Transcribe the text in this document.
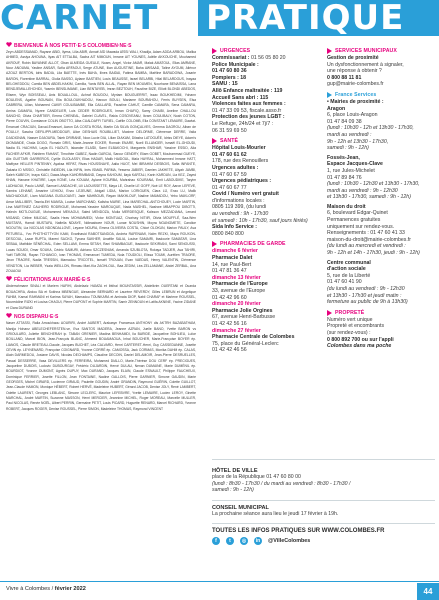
CARNET	PRATIQUE
BIENVENUE À NOS PETIT·E·S COLOMBIEN·NE·S

Zeyn ABDESSAMAD, Rayane ABID, Ilyess, Lilia ABIR, Annaë AÏD Mawada AÏSSI WALI, Khadija, Adam ADDA ARBOU, Malika AHMED, Assiya AHOUNA, Ilyas AIT ETTALBA, Sacha AIT MIMOUN, Imrane AIT YOUNES, Adélie AKKOUCHE, Mouhamed AKROUF, Robin BAYANNE ALLOT, Oban ALMEIDA GUEULE, Noam, Angel, Victor AMAR, Malak AMATOUL, Elias AMRANE, Nour ANOUMA, Yasline ANSAR, Sofia ARFAOUI, Serge ATUNE, Ilian AUGUSTINE, Baha AWSAAD, Taline AYOUM, Aliénor AZOUZ BERTON, Idris BADIA, Lila BAETTE, Inès BAHA, Ilines BAIDAI, Fatima BAMBA, Maëline BARADOWA, Josarie BARON, Florentine BARRAL, Giulia BASSO, Aylane BASTIEN, Louis BEAUSSE, Israel BELARBI, Hilal BELARDOUS, Inayaa BELGHEDDOU, Camila BEN ABDELHAKIM, Camilia, Yanis BEN ALLAL, Rayan BEN MOUMEN, Nourhane BENAÏSSA, Lana BENDJEMIA-LEHCHIDI, Yasmin BENSLIMANE, Lian BENTAYEB, Imran BEZTOUH, Faustine BIZE, Elliott BLONDI ABEDOS, Ellsem, Wyn BOISSEAU, Anis BOUALLOUL, Achraf BOUDOU, Myriam BOUGUERRIT, Issac BOUKHEDIMI, Yohann BOULENS, Agathe BOUNAN, Elia BOULOUKHADOU, Haroun BOULI, Mariame BOURAHOU, Ferris BUYSEN, Elsa CABRERA, Lilian, Mohamed CAKIR COULIBAMBE, Ella CAILLARD, Faustine CAHUT, Camille CAMARA, Sena CAMARA, Amina CAMARA, Nyzee CANDELIER, Luis CEDER RODRIGUES, Imran CHAFIQ, Samy CHAIBI, Aneline CHALLOU SANCHO, Olivia CHARTIER, Emma CHENEAL, Gabriel CLAVEL, Rakia COSOVEANU, Ikram COULIBALY, Noah COTON, Pierre COUVIN, Constance COLIN OBOTTO, Alba CUALDAFFI TURIEL, Caëlle COLOMB, Ella CONSTANT LEMAIRE, Dawlat-Emanuel CRACIUN, Davud-Emanuel, Aaron DA COSTA ROSA, Martin DA SILVA GONÇALVES, Gemma DAGROU, Alban de POULLY, Sascha DEFILIPPI-MEDDOUR, Alice DESHAIS ROUBILLIET, Maxime DELORME, Clémence DERRE, Valia DJADIGNAN, Nasser DJAOURA, Taieb DRIRANE, Noor-Lucie DIA, Lilian DIAKAM, Dilasha LATOGUÉE, Idriss DIEYE, Adam's DIOMANDE, Chaïa DOGO, Romain DRIS, Marie-Jeanne ECKER, Romain ENARE, Noell ELLANGER, Ismaël EL-GHOUDI, Nadia EL HACHIMI, Layla EL HAOUTI, Iskander ELAÏDI, Sami ELBAKOCHI, Margarets ENSHAR, Yassine ESSID, Alia FACHER AFKIR, Rahitem FAHANT, Timothée GABEZ, Nadin GARCIA, Sarour GENDRY, Eliam GOBET, Mouhammad GUEYE, Alix GUITTARI GARREROS, Cyrille GUOLASSY, Elias HADAR, Malik HAIDOUL, Maïa HAYRAL, Mohammed Imrane HATT, Maëlyse HELLER PINTENNY, Ayaksa HEPAT, Rivas HOUSSNAYE, Aalia HUOT, Mel IBRAHIM DESBOIS, Safia INFANTE, Zakaria ID MSSIO, Christelle INDEDIN, Lila INFIN, Inès ISMAÏL PARMA, Yessera JABIER, Damien JAKHETE, Aliyah JAMBI, Saleh KABECH, Inaya KACI, Dawa-Maya KAHDRIMBAND, Dayna KAHOUM, Ilayà KARTALI, Karin KARDUN, Lia KEZ, Zayed KHAN, Hanane KHATIRE, Laya KONE, Léa KOUAM, Aylane KOURBA, Mahrahao KOURANA, Emit LABOUDIKE, Taryim LADHAOUI, Paulo LAINÉ, Samuel LANDACHE, Lili LAOUISSETTE, Maya LE, Charlie LE GOFF, Noé LE ROY, Aaron LEFEVE, Samira LEHANÉ, Amarine LEHIOU, Enzo LEJEUNE, Abigail LIDIA, Marlon LORIGUEN, Clara LÜ, Enzo LU, Malik MACHADOUE, Liam MAGANA GUGLIOANTI, Jade MAHBOUB, Rayan MAKHLOUF, Nadine MAMADOU, Yebo MAKLORF, Amar MALLIBER, Tasnia-Eël MANSA, Louise MARCHAND, Kalisha MARIE, Lina MARECHAL-ANTCHOUEY, Lucie MARTIN, Lina MARTINEZ CALHERD RODRIGUE, Mohamed-Yassine MAROUQUE, Nada MASHEL, Nashwe MBAPPOU DIBOTTI, Haledn MOTLOUGUE, Mohammed MEKAOUI, Saled MENDOZA, Mulia MERDESQUE, Kaïsson MEZZADIANA, Lenard MIGAND, Céline MILIDAC, Saalis Heav MOHAMMEDI, Victor MONTUAZ, Chorissy NITIIR, Olivia MOUFFLÉ, Saa-Wen MUSTAFA, Hamdi MUSTAFA, Nafiella NDIAYE, Ndieaaboee NOUR, Lunae NOUSHIN, Moyra NGANGMETE, Candice NGOUTIN, Lia NICOLAS NDONDALLOVE, Leyane NOURA, Emma OLIVEIRA COSTA, Chloé OLOKUN, Marion PAULY, Ava PETURELL, Yvo PHOTHOTTYON KAMI, Evarihasid RABOTSANDOA, Andréa RAFENAMI, Naïm REZKI, Maya ROUXON-DESCOUL, Lazar RUPTA, Mareni SACKO, Tynara SAKHER, Anaëlle SALIA, Louise SAMAIRI, Ibadourie SAMATAR, Lina SEBAA, Mathilde SÉNÉCHAL, Eden SELLAMI, Emma SETAH, Rani SHAMBAGUE, Ibadourie SEKIRIANI, Sami SENOUSSI, Lucas SOUIDI, Omar SOUKA, Cédric SAMURI, Adriano SZCZESNIAK, Amanda SZUBLOTA, Rokaya TADJER, Ava TAHIRI, Yaël TARONI, Rayan TCHANGO, Ivan THOMAS, Emmanuel TUMEDA, Nola TOUDIOLI, Elissa TOUMI, Aurélien TRAORE, Jinon TRAORE, Nadia TRESSIN, Mamadou TRICOTEL, Ismaël TROUAN, Evan VAEDAS, Henry VALENTIN, Clémence VENDTON, Lia WEBER, Ysaia WEILLON, Rimasu Mari-Kia ZAGHLOUL, Baa ZEDIM, Léa ZELLAMANE, Abdel ZERBAL, Ana ZOUAOUI

FÉLICITATIONS AUX MARIÉ·E·S

Abderrahmane SINALI et Mariem HAFIHI, Abdelaziz HAMZA et Ibtihal MOUNTASSIR, Abdelkrim OUERTANI et Ouarda BOUACHRA, Abdou BA et Sokhna MBENGUE, Alexandre BERNARD et Laurène REVERDY, Gilles LEBRUN et Angelique FAHIM, Kamal RAHMANI et Karima SAYAH, Mamadou TOUNKARA et Aminata DIOP, Nabil CHARAF et Marlene ROUSSEL, Noureddine RIZKI et Louisa CHAOUI, Pierre DUPONT et Sophie MARTIN, Samir ZENNOUN et Latifa AKNINE, Yacine ZIDANE et Clara DURAND

NOS DISPARU·E·S

Naser ATTASSI, Ralla Amoukhaou AOURIRI, André AUBERT, Arakasyn Francesca ANTHONY dis AKTRH BAZABATHAM, Manija Hohanz ABELECHEFERSTEN-ve, Eva SANTOS MADERA, Jeanne AZRAN, Juelle BANO, Yvette BARON vs GRIOULARD, Juliette BENCHERAH ip. TABAN GRENIER, Madina BENHAMDI, Ila BARIDE, Jacqueline BOHLIEU, Luïce BOILLAND, Marcel BION, Jean-François BLANC, Ahmeed BOUAMAOUA, Inhal BOUCHER, Marie-Françoise BOYER ép. LIANOS, Claude BRETEAU-Claude, Jacques BUCHET, Léa CALVARD, Henri CARTERET-Henri, Guy CASSEDANNE, Josette CEVIN ép. LEYNENARD, Françoise COIGNARD, Yvonne CORRÉ ép. CAMOSSA, Jack CORMAS, Monika DAHM ép. CALAS, Alain DARMEDOU, Josiane DAVIS, Nicolas DECHAMPS, Claudine DECOIN, Daniel DELAMOIR, Jean-Pierre DESRUELLES, Pascal DESSERRE, Vasa DEVILLERS ép. FERREIRA, Mohamed DIALLO, Marie-Thérèse DOU CERF ép. PRECIGUES, Jacqueline DUBOIS, Ludovic DUBOURGAY, Frédéric DUJARDIN, Hervé DULAU, Nenan DUMAINE, Marie DUMÉNIL ép. BOURDIOT, Yvonne DUMONT, Agnès DUPUY, Max DURAND, Jacques ELAIN, Claude ESNAULT, Philippe FAUCHEUX, Dominique FERRIER, Josette FILLON, Jean FONTAINE, Nadine GALLOIS, Pierre GARNIER, Simone GAUDIN, Marie GEORGES, Michel GIRARD, Lucienne GIRAUD, Paulette GOUDIN, André GRANDIN, Raymond GUÉRIN, Colette GUILLOT, Jean-Claude HAMON, Monique HÉBERT, Robert HERVÉ, Madeleine HUBERT, Gérard JACOB, Denise JOLY, René LAMBERT, Odette LAURENT, Georges LEBLANC, Simone LECLERC, Maurice LEFEBVRE, Yvette LEMAIRE, Lucien LEROY, Ginette MARCHAL, André MARTIN, Suzanne MASSON, Henri MERCIER, Jeannine MICHEL, Roger MOREAU, Marcelle MULLER, Paul NICOLAS, Renée NOËL, Albert PERRIN, Germaine PETIT, Louis PICARD, Huguette RENARD, Marcel RICHARD, Yvonne ROBERT, Jacques ROGER, Denise ROUSSEL, Pierre SIMON, Madeleine THOMAS, Raymond VINCENT

URGENCES
Commissariat : 01 56 05 80 20
Police Municipale :
01 47 60 80 36
Pompiers : 18
SAMU : 15
Allô Enfance maltraitée : 119
Accueil Sans abri : 115
Violences faites aux femmes :
01 47 33 09 53, fiscale.asso.fr
Protection des jeunes LGBT :
Le Refuge, 24h/24 et 7j/7 :
06 31 59 69 50
SANTÉ
Hôpital Louis-Mourier
01 47 60 61 62
178, rue des Renouillers
Urgences adultes :
01 47 60 67 59
Urgences pédiatriques :
01 47 60 67 77
Covid / Numéro vert gratuit
d'informations locales :
0805 119 399, (du lundi
au vendredi : 9h - 17h30
et samedi : 10h - 17h30, sauf jours fériés)
Sida Info Service :
0800 840 800
PHARMACIES DE GARDE
dimanche 6 février
Pharmacie Dalet
14, rue Paul-Bert
01 47 81 36 47
dimanche 13 février
Pharmacie de l'Europe
33, avenue de l'Europe
01 42 42 96 60
dimanche 20 février
Pharmacie Jolie Orgines
67, avenue Henri-Barbusse
01 42 42 56 16
dimanche 27 février
Pharmacie Centrale de Colombes
75, place du Général-Leclerc
01 42 42 46 56
SERVICES MUNICIPAUX
Gestion de proximité
Un dysfonctionnement à signaler,
une réponse à obtenir ?
0 800 88 11 81
gup@mairie-colombes.fr
France Services
• Mairies de proximité :
Aragon
6, place Louis-Aragon
01 47 84 09 38
(lundi : 10h30 - 12h et 13h30 - 17h30,
mardi au vendredi :
9h - 12h et 13h30 - 17h30,
samedi : 9h - 12h)
Fossés-Jean,
Espace Jacques-Clave
1, rue Jules-Michelet
01 47 89 84 76
(lundi : 10h30 - 12h30 et 13h30 - 17h30,
mardi au vendredi : 9h - 12h30
et 13h30 - 17h30, samedi : 9h - 12h)
Maison du droit
6, boulevard Edgar-Quinet
Permanences gratuites
uniquement sur rendez-vous.
Renseignements : 01 47 60 41 33
maison-du-droit@mairie-colombes.fr
(du lundi au mercredi et vendredi :
9h - 12h et 14h - 17h30, jeudi : 9h - 12h)
Centre communal
d'action sociale
5, rue de la Liberté
01 47 60 41 90
(du lundi au vendredi : 9h - 12h30
et 13h30 - 17h30 et jeudi matin :
fermeture au public de 9h à 13h30)
PROPRETÉ
Numéro vert unique
Propreté et encombrants
(sur rendez-vous) :
0 800 892 700 ou sur l'appli
Colombes dans ma poche
HÔTEL DE VILLE
place de la République 01 47 60 80 00
(lundi : 8h30 - 17h30 / du mardi au vendredi : 8h30 - 17h30 /
samedi : 9h - 12h)
CONSEIL MUNICIPAL
La prochaine séance aura lieu le jeudi 17 février à 19h.
TOUTES LES INFOS PRATIQUES SUR WWW.COLOMBES.FR
f	t	◎	in	@VilleColombes
Vivre à Colombes / février 2022	44
